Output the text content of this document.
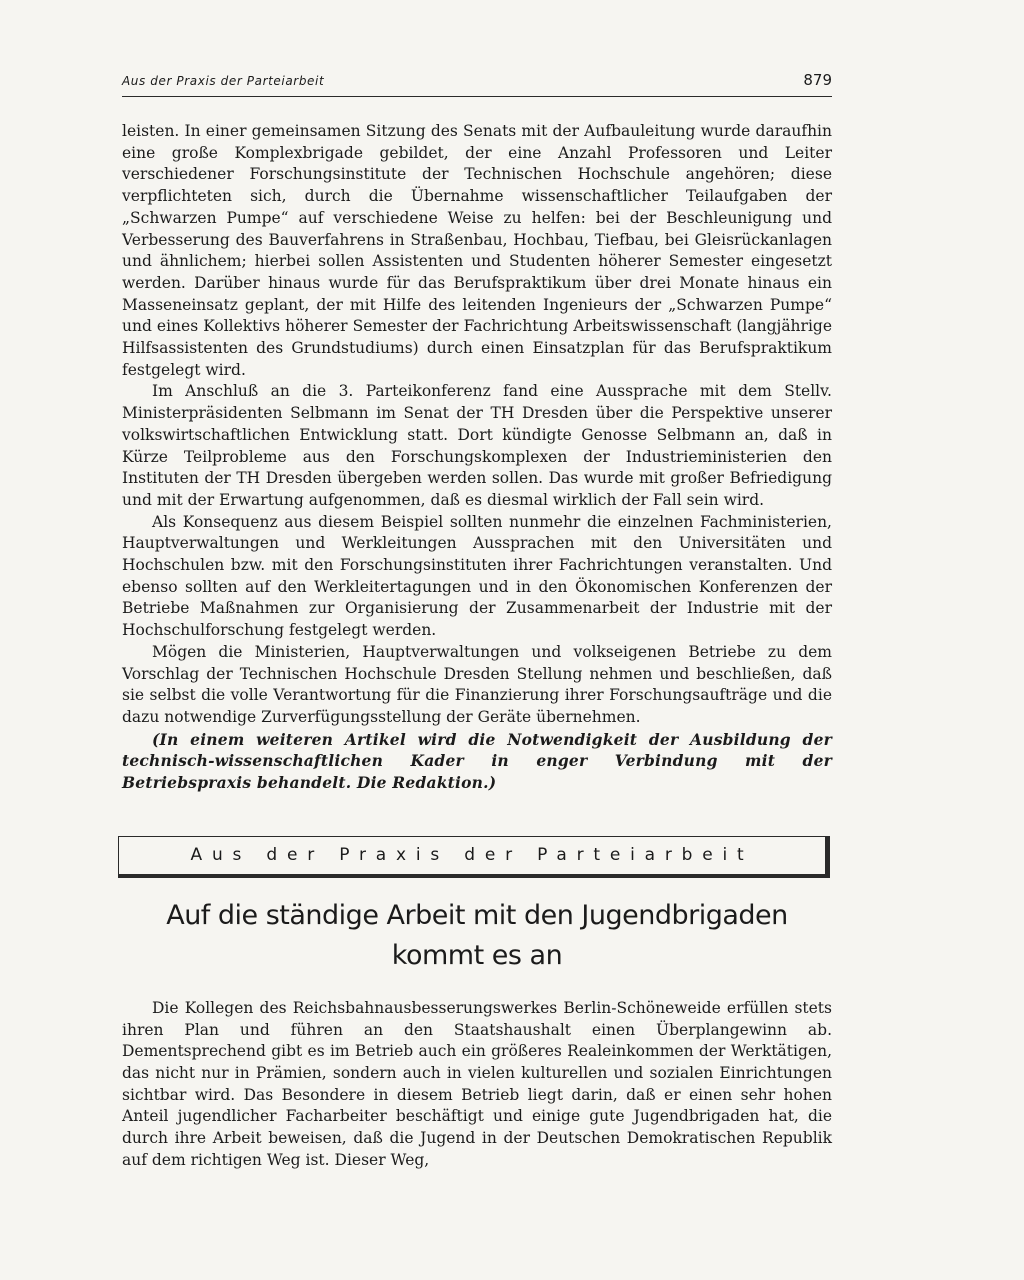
Aus der Praxis der Parteiarbeit	879

leisten. In einer gemeinsamen Sitzung des Senats mit der Aufbauleitung wurde daraufhin eine große Komplexbrigade gebildet, der eine Anzahl Professoren und Leiter verschiedener Forschungsinstitute der Technischen Hochschule angehören; diese verpflichteten sich, durch die Übernahme wissenschaftlicher Teilaufgaben der „Schwarzen Pumpe“ auf verschiedene Weise zu helfen: bei der Beschleunigung und Verbesserung des Bauverfahrens in Straßenbau, Hochbau, Tiefbau, bei Gleisrückanlagen und ähnlichem; hierbei sollen Assistenten und Studenten höherer Semester eingesetzt werden. Darüber hinaus wurde für das Berufspraktikum über drei Monate hinaus ein Masseneinsatz geplant, der mit Hilfe des leitenden Ingenieurs der „Schwarzen Pumpe“ und eines Kollektivs höherer Semester der Fachrichtung Arbeitswissenschaft (langjährige Hilfsassistenten des Grundstudiums) durch einen Einsatzplan für das Berufspraktikum festgelegt wird.

Im Anschluß an die 3. Parteikonferenz fand eine Aussprache mit dem Stellv. Ministerpräsidenten Selbmann im Senat der TH Dresden über die Perspektive unserer volkswirtschaftlichen Entwicklung statt. Dort kündigte Genosse Selbmann an, daß in Kürze Teilprobleme aus den Forschungskomplexen der Industrieministerien den Instituten der TH Dresden übergeben werden sollen. Das wurde mit großer Befriedigung und mit der Erwartung aufgenommen, daß es diesmal wirklich der Fall sein wird.

Als Konsequenz aus diesem Beispiel sollten nunmehr die einzelnen Fachministerien, Hauptverwaltungen und Werkleitungen Aussprachen mit den Universitäten und Hochschulen bzw. mit den Forschungsinstituten ihrer Fachrichtungen veranstalten. Und ebenso sollten auf den Werkleitertagungen und in den Ökonomischen Konferenzen der Betriebe Maßnahmen zur Organisierung der Zusammenarbeit der Industrie mit der Hochschulforschung festgelegt werden.

Mögen die Ministerien, Hauptverwaltungen und volkseigenen Betriebe zu dem Vorschlag der Technischen Hochschule Dresden Stellung nehmen und beschließen, daß sie selbst die volle Verantwortung für die Finanzierung ihrer Forschungsaufträge und die dazu notwendige Zurverfügungsstellung der Geräte übernehmen.

(In einem weiteren Artikel wird die Notwendigkeit der Ausbildung der technisch-wissenschaftlichen Kader in enger Verbindung mit der Betriebspraxis behandelt. Die Redaktion.)

Aus der Praxis der Parteiarbeit
Auf die ständige Arbeit mit den Jugendbrigaden
kommt es an

Die Kollegen des Reichsbahnausbesserungswerkes Berlin-Schöneweide erfüllen stets ihren Plan und führen an den Staatshaushalt einen Überplangewinn ab. Dementsprechend gibt es im Betrieb auch ein größeres Realeinkommen der Werktätigen, das nicht nur in Prämien, sondern auch in vielen kulturellen und sozialen Einrichtungen sichtbar wird. Das Besondere in diesem Betrieb liegt darin, daß er einen sehr hohen Anteil jugendlicher Facharbeiter beschäftigt und einige gute Jugendbrigaden hat, die durch ihre Arbeit beweisen, daß die Jugend in der Deutschen Demokratischen Republik auf dem richtigen Weg ist. Dieser Weg,
